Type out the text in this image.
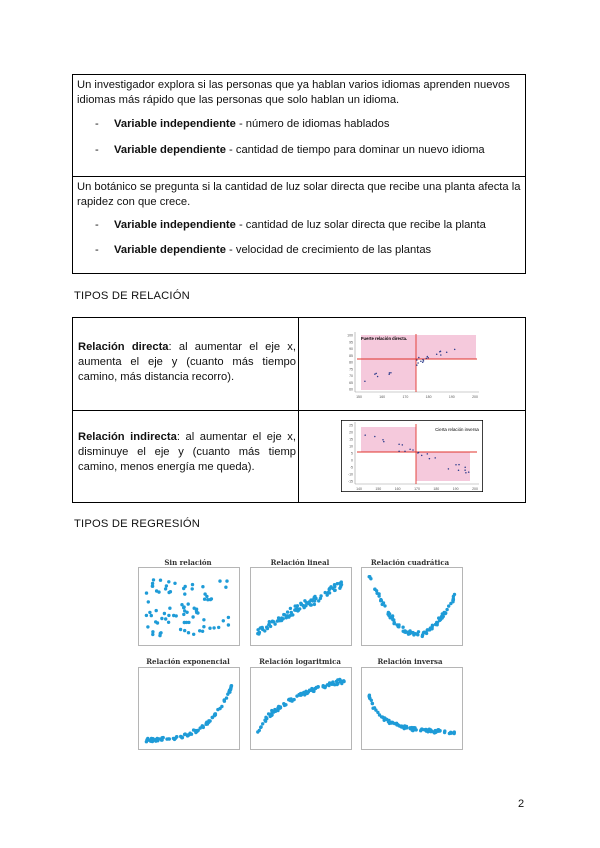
Un investigador explora si las personas que ya hablan varios idiomas aprenden nuevos idiomas más rápido que las personas que solo hablan un idioma.

- Variable independiente - número de idiomas hablados
- Variable dependiente - cantidad de tiempo para dominar un nuevo idioma

Un botánico se pregunta si la cantidad de luz solar directa que recibe una planta afecta la rapidez con que crece.

- Variable independiente - cantidad de luz solar directa que recibe la planta
- Variable dependiente - velocidad de crecimiento de las plantas
TIPOS DE RELACIÓN
Relación directa: al aumentar el eje x, aumenta el eje y (cuanto más tiempo camino, más distancia recorro).
100
95
90
85
80
75
70
65
60
150	160	170	180	190	200
Fuerte relación directa.
Relación indirecta: al aumentar el eje x, disminuye el eje y (cuanto más tiemp camino, menos energía me queda).
25
20
15
10
5
0
-5
-10
-15
140	150	160	170	180	190	200
Cierta relación inversa
TIPOS DE REGRESIÓN
Sin relación	Relación lineal	Relación cuadrática
Relación exponencial	Relación logaritmica	Relación inversa
2
